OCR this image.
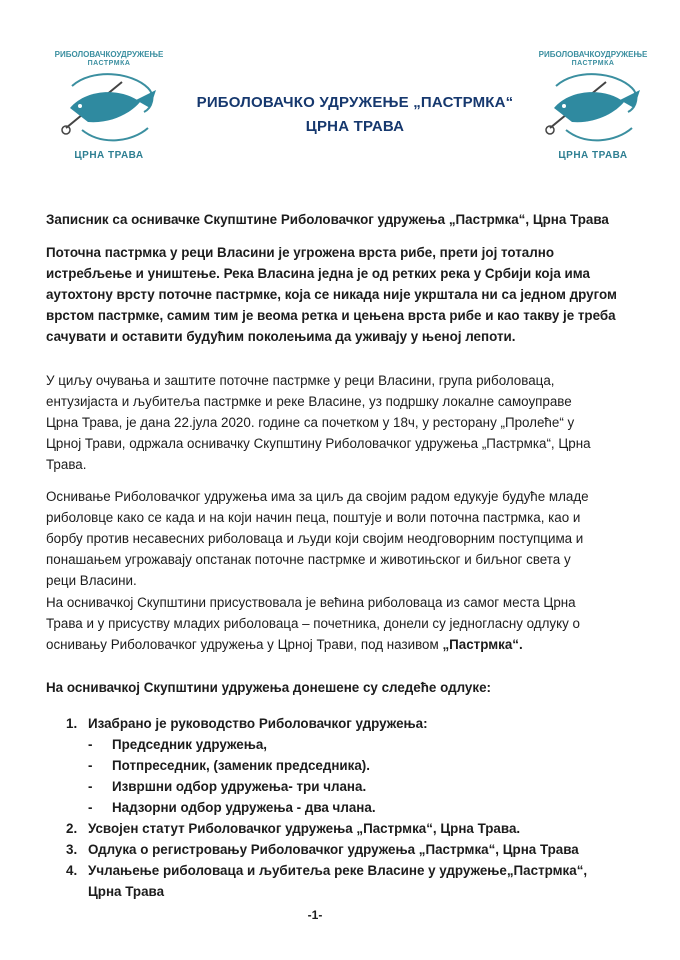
РИБОЛОВАЧКОУДРУЖЕЊЕ
ПАСТРМКА
ЦРНА ТРАВА
РИБОЛОВАЧКО УДРУЖЕЊЕ „ПАСТРМКА“
ЦРНА ТРАВА
РИБОЛОВАЧКОУДРУЖЕЊЕ
ПАСТРМКА
ЦРНА ТРАВА
Записник са оснивачке Скупштине Риболовачког удружења „Пастрмка“, Црна Трава
Поточна пастрмка у реци Власини је угрожена врста рибе, прети јој тотално
истребљење и уништење. Река Власина једна је од ретких река у Србији која има
аутохтону врсту поточне пастрмке, која се никада није укрштала ни са једном другом
врстом пастрмке, самим тим је веома ретка и цењена врста рибе и као такву је треба
сачувати и оставити будућим поколењима да уживају у њеној лепоти.
У циљу очувања и заштите поточне пастрмке у реци Власини, група риболоваца,
ентузијаста и љубитеља пастрмке и реке Власине, уз подршку локалне самоуправе
Црна Трава, је дана 22.јула 2020. године са почетком у 18ч, у ресторану „Пролеће“ у
Црној Трави, одржала оснивачку Скупштину Риболовачког удружења „Пастрмка“, Црна
Трава.
Оснивање Риболовачког удружења има за циљ да својим радом едукује будуће младе
риболовце како се када и на који начин пеца, поштује и воли поточна пастрмка, као и
борбу против несавесних риболоваца и људи који својим неодговорним поступцима и
понашањем угрожавају опстанак поточне пастрмке и животињског и биљног света у
реци Власини.
На оснивачкој Скупштини присуствовала је већина риболоваца из самог места Црна
Трава и у присуству младих риболоваца – почетника, донели су једногласну одлуку о
оснивању Риболовачког удружења у Црној Трави, под називом „Пастрмка“.
На оснивачкој Скупштини удружења донешене су следеће одлуке:
1. Изабрано је руководство Риболовачког удружења:
- Председник удружења,
- Потпресeдник, (заменик председника).
- Извршни одбор удружења- три члана.
- Надзорни одбор удружења - два члана.
2. Усвојен статут Риболовачког удружења „Пастрмка“, Црна Трава.
3. Одлука о регистровању Риболовачког удружења „Пастрмка“, Црна Трава
4. Учлањење риболоваца и љубитеља реке Власине у удружење„Пастрмка“,
Црна Трава
-1-
